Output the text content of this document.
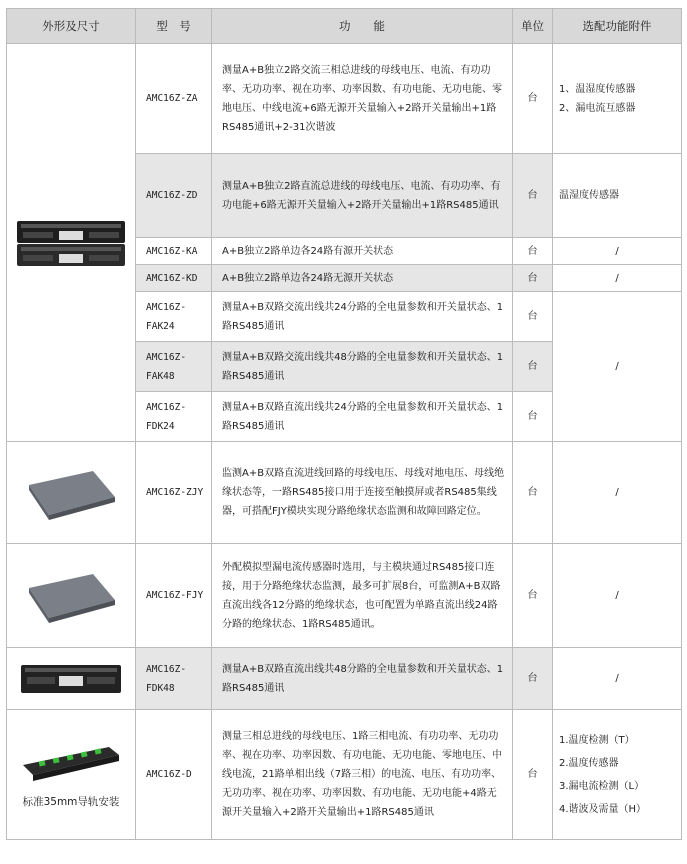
外形及尺寸	型　号	功　　能	单位	选配功能附件

	AMC16Z-ZA	测量A+B独立2路交流三相总进线的母线电压、电流、有功功率、无功功率、视在功率、功率因数、有功电能、无功电能、零地电压、中线电流+6路无源开关量输入+2路开关量输出+1路RS485通讯+2-31次谐波	台	1、温湿度传感器
2、漏电流互感器

	AMC16Z-ZD	测量A+B独立2路直流总进线的母线电压、电流、有功功率、有功电能+6路无源开关量输入+2路开关量输出+1路RS485通讯	台	温湿度传感器
	AMC16Z-KA	A+B独立2路单边各24路有源开关状态	台	/
	AMC16Z-KD	A+B独立2路单边各24路无源开关状态	台	/
	AMC16Z-FAK24	测量A+B双路交流出线共24分路的全电量参数和开关量状态、1路RS485通讯	台	/
	AMC16Z-FAK48	测量A+B双路交流出线共48分路的全电量参数和开关量状态、1路RS485通讯	台	
	AMC16Z-FDK24	测量A+B双路直流出线共24分路的全电量参数和开关量状态、1路RS485通讯	台	

	AMC16Z-ZJY	监测A+B双路直流进线回路的母线电压、母线对地电压、母线绝缘状态等，一路RS485接口用于连接至触摸屏或者RS485集线器，可搭配FJY模块实现分路绝缘状态监测和故障回路定位。	台	/

	AMC16Z-FJY	外配模拟型漏电流传感器时选用，与主模块通过RS485接口连接，用于分路绝缘状态监测，最多可扩展8台，可监测A+B双路直流出线各12分路的绝缘状态，也可配置为单路直流出线24路分路的绝缘状态、1路RS485通讯。	台	/

	AMC16Z-FDK48	测量A+B双路直流出线共48分路的全电量参数和开关量状态、1路RS485通讯	台	/

标准35mm导轨安装	AMC16Z-D	测量三相总进线的母线电压、1路三相电流、有功功率、无功功率、视在功率、功率因数、有功电能、无功电能、零地电压、中线电流，21路单相出线（7路三相）的电流、电压、有功功率、无功功率、视在功率、功率因数、有功电能、无功电能+4路无源开关量输入+2路开关量输出+1路RS485通讯	台	1.温度检测（T）
2.温度传感器
3.漏电流检测（L）
4.谐波及需量（H）
